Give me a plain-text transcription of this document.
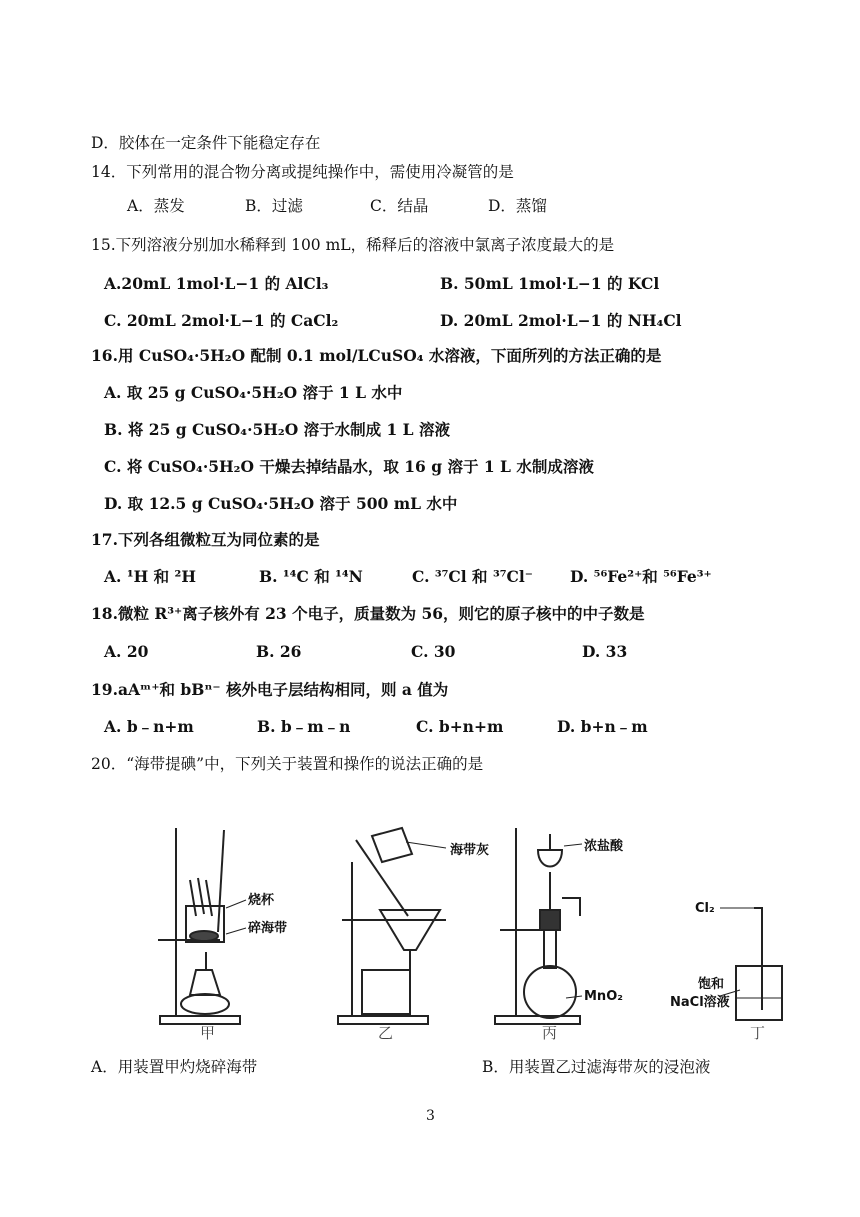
D．胶体在一定条件下能稳定存在
14．下列常用的混合物分离或提纯操作中，需使用冷凝管的是
A．蒸发	B．过滤	C．结晶	D．蒸馏
15.下列溶液分别加水稀释到 100 mL，稀释后的溶液中氯离子浓度最大的是
A.20mL 1mol·L−1 的 AlCl₃	B. 50mL 1mol·L−1 的 KCl
C. 20mL 2mol·L−1 的 CaCl₂	D. 20mL 2mol·L−1 的 NH₄Cl
16.用 CuSO₄·5H₂O 配制 0.1 mol/LCuSO₄ 水溶液，下面所列的方法正确的是
A. 取 25 g CuSO₄·5H₂O 溶于 1 L 水中
B. 将 25 g CuSO₄·5H₂O 溶于水制成 1 L 溶液
C. 将 CuSO₄·5H₂O 干燥去掉结晶水，取 16 g 溶于 1 L 水制成溶液
D. 取 12.5 g CuSO₄·5H₂O 溶于 500 mL 水中
17.下列各组微粒互为同位素的是
A. ¹H 和 ²H	B. ¹⁴C 和 ¹⁴N	C. ³⁷Cl 和 ³⁷Cl⁻ D. ⁵⁶Fe²⁺和 ⁵⁶Fe³⁺
18.微粒 R³⁺离子核外有 23 个电子，质量数为 56，则它的原子核中的中子数是
A. 20	B. 26	C. 30	D. 33
19.aAᵐ⁺和 bBⁿ⁻ 核外电子层结构相同，则 a 值为
A. b﹣n+m	B. b﹣m﹣n	C. b+n+m	D. b+n﹣m
20．“海带提碘”中，下列关于装置和操作的说法正确的是
烧杯
碎海带
海带灰	浓盐酸
MnO₂
Cl₂
饱和
NaCl溶液
甲	乙	丙	丁
A．用装置甲灼烧碎海带	B．用装置乙过滤海带灰的浸泡液
3
